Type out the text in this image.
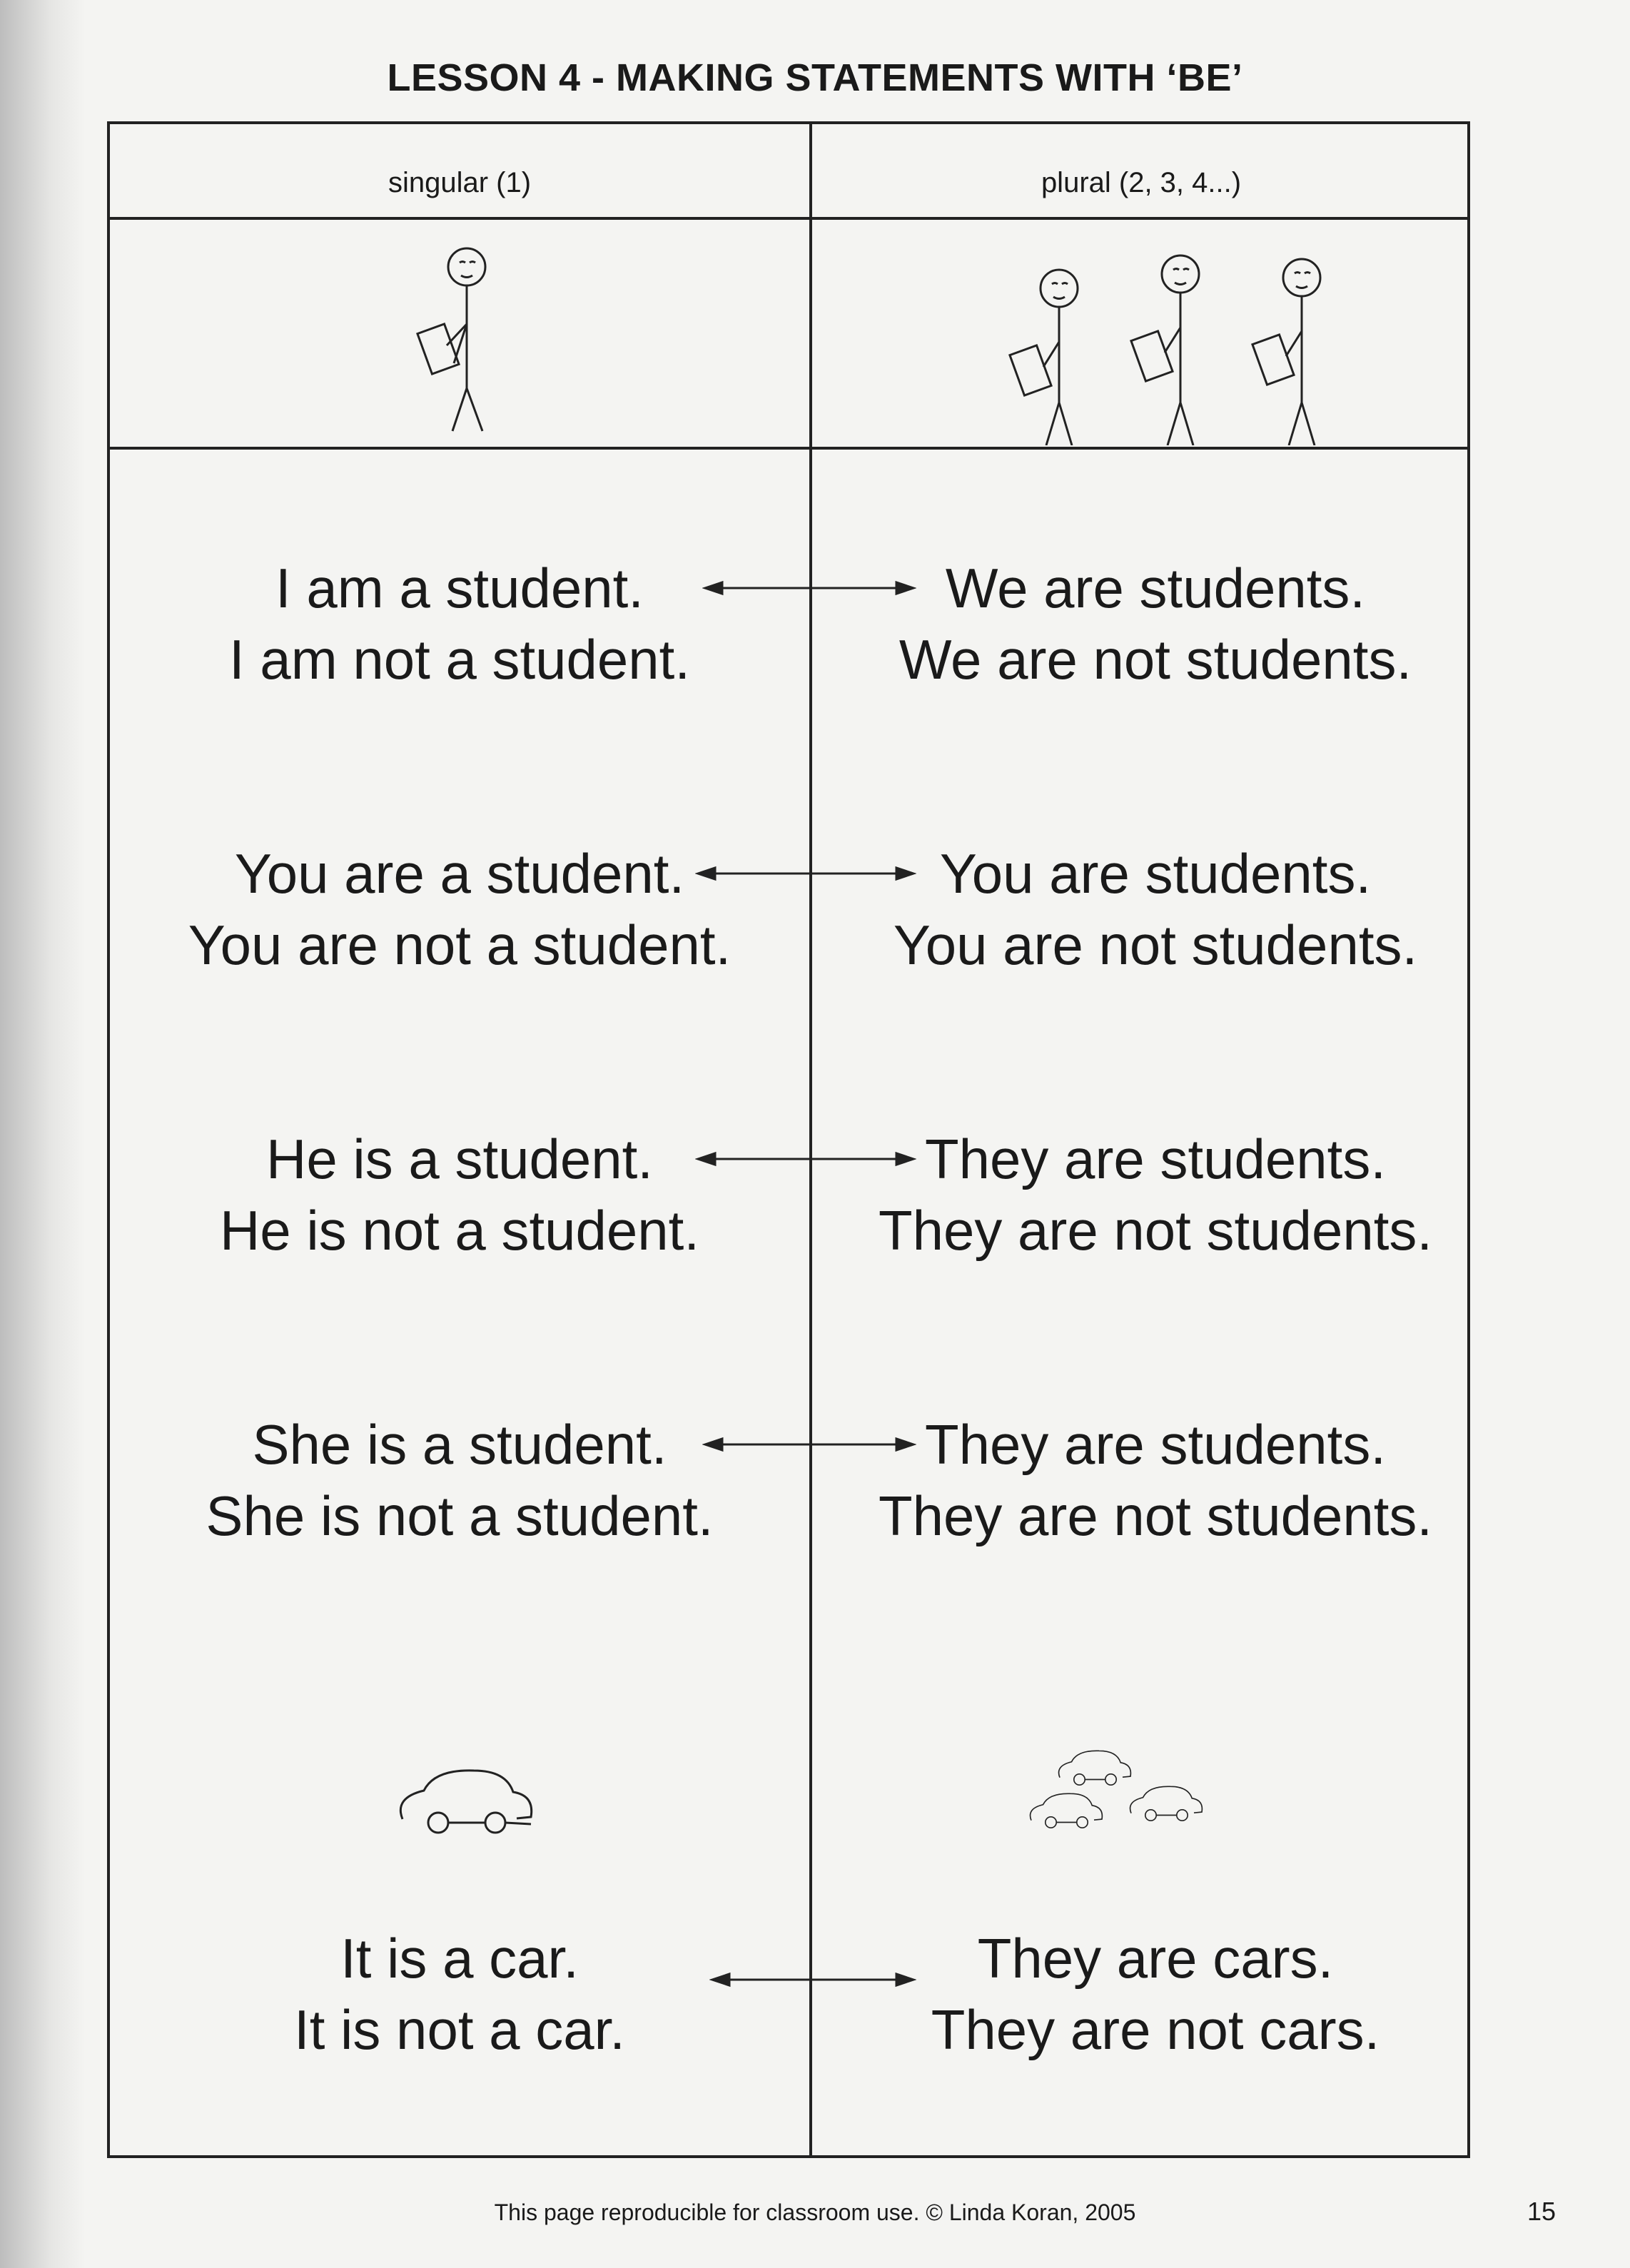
LESSON 4 - MAKING STATEMENTS WITH ‘BE’
singular (1)	plural (2, 3, 4...)
I am a student.
I am not a student.
We are students.
We are not students.
You are a student.
You are not a student.
You are students.
You are not students.
He is a student.
He is not a student.
They are students.
They are not students.
She is a student.
She is not a student.
They are students.
They are not students.
It is a car.
It is not a car.
They are cars.
They are not cars.
This page reproducible for classroom use. © Linda Koran, 2005	15
